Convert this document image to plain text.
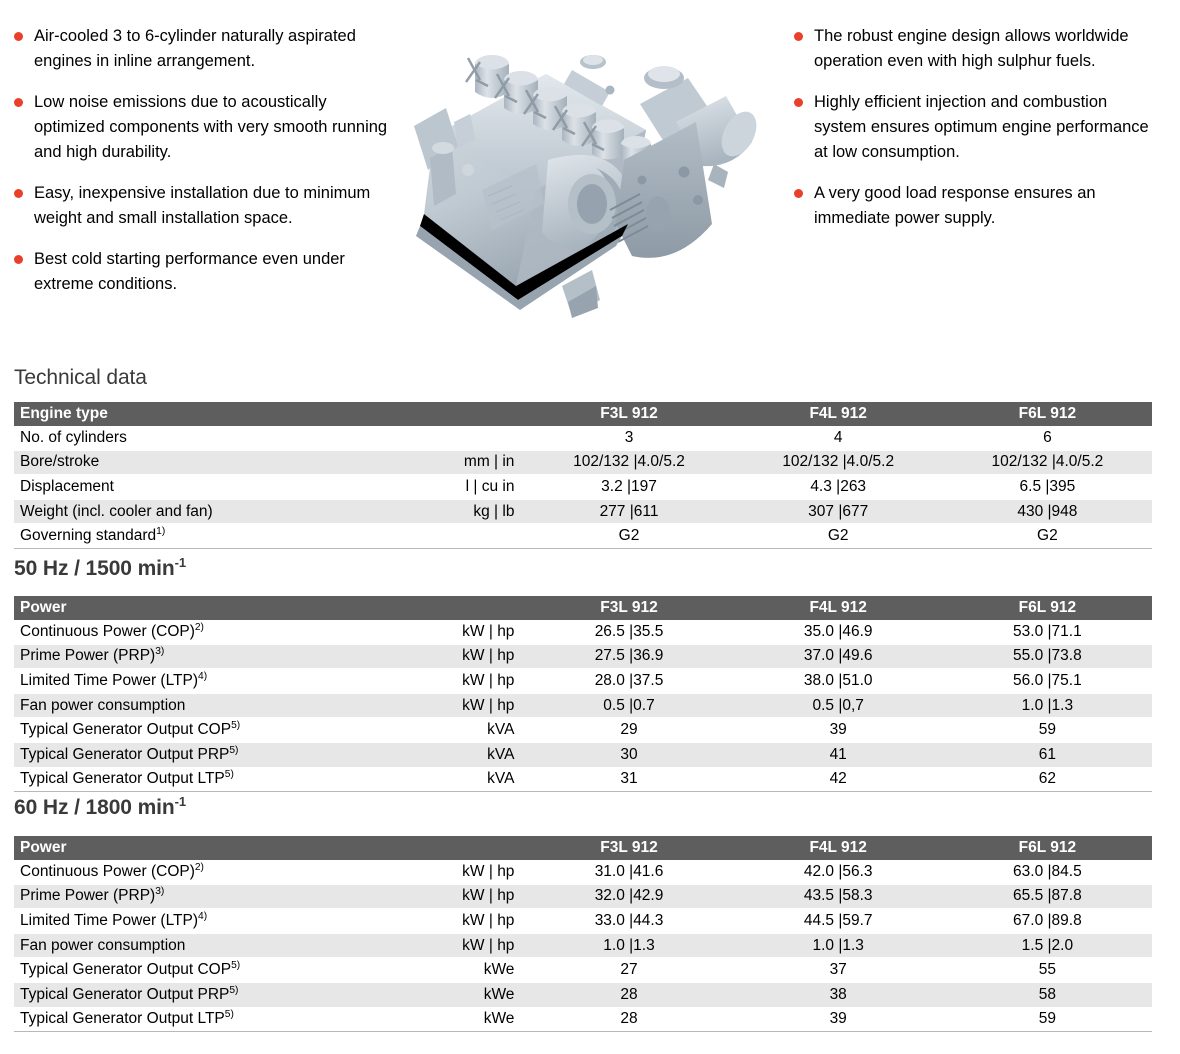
Air-cooled 3 to 6-cylinder naturally aspirated engines in inline arrangement.
Low noise emissions due to acoustically optimized components with very smooth running and high durability.
Easy, inexpensive installation due to minimum weight and small installation space.
Best cold starting performance even under extreme conditions.
The robust engine design allows worldwide operation even with high sulphur fuels.
Highly efficient injection and combustion system ensures optimum engine performance at low consumption.
A very good load response ensures an immediate power supply.
Technical data
50 Hz / 1500 $\min^{-1}$
60 Hz / 1800 $\min^{-1}$
Engine type		F3L 912	F4L 912	F6L 912
No. of cylinders		3	4	6
Bore/stroke	mm | in	102/132 |4.0/5.2	102/132 |4.0/5.2	102/132 |4.0/5.2
Displacement	l | cu in	3.2 |197	4.3 |263	6.5 |395
Weight (incl. cooler and fan)	kg | lb	277 |611	307 |677	430 |948
Governing standard$^{1)}$		G2	G2	G2
Power		F3L 912	F4L 912	F6L 912
Continuous Power (COP)$^{2)}$	kW | hp	26.5 |35.5	35.0 |46.9	53.0 |71.1
Prime Power (PRP)$^{3)}$	kW | hp	27.5 |36.9	37.0 |49.6	55.0 |73.8
Limited Time Power (LTP)$^{4)}$	kW | hp	28.0 |37.5	38.0 |51.0	56.0 |75.1
Fan power consumption	kW | hp	0.5 |0.7	0.5 |0,7	1.0 |1.3
Typical Generator Output COP$^{5)}$	kVA	29	39	59
Typical Generator Output PRP$^{5)}$	kVA	30	41	61
Typical Generator Output LTP$^{5)}$	kVA	31	42	62
Power		F3L 912	F4L 912	F6L 912
Continuous Power (COP)$^{2)}$	kW | hp	31.0 |41.6	42.0 |56.3	63.0 |84.5
Prime Power (PRP)$^{3)}$	kW | hp	32.0 |42.9	43.5 |58.3	65.5 |87.8
Limited Time Power (LTP)$^{4)}$	kW | hp	33.0 |44.3	44.5 |59.7	67.0 |89.8
Fan power consumption	kW | hp	1.0 |1.3	1.0 |1.3	1.5 |2.0
Typical Generator Output COP$^{5)}$	kWe	27	37	55
Typical Generator Output PRP$^{5)}$	kWe	28	38	58
Typical Generator Output LTP$^{5)}$	kWe	28	39	59
